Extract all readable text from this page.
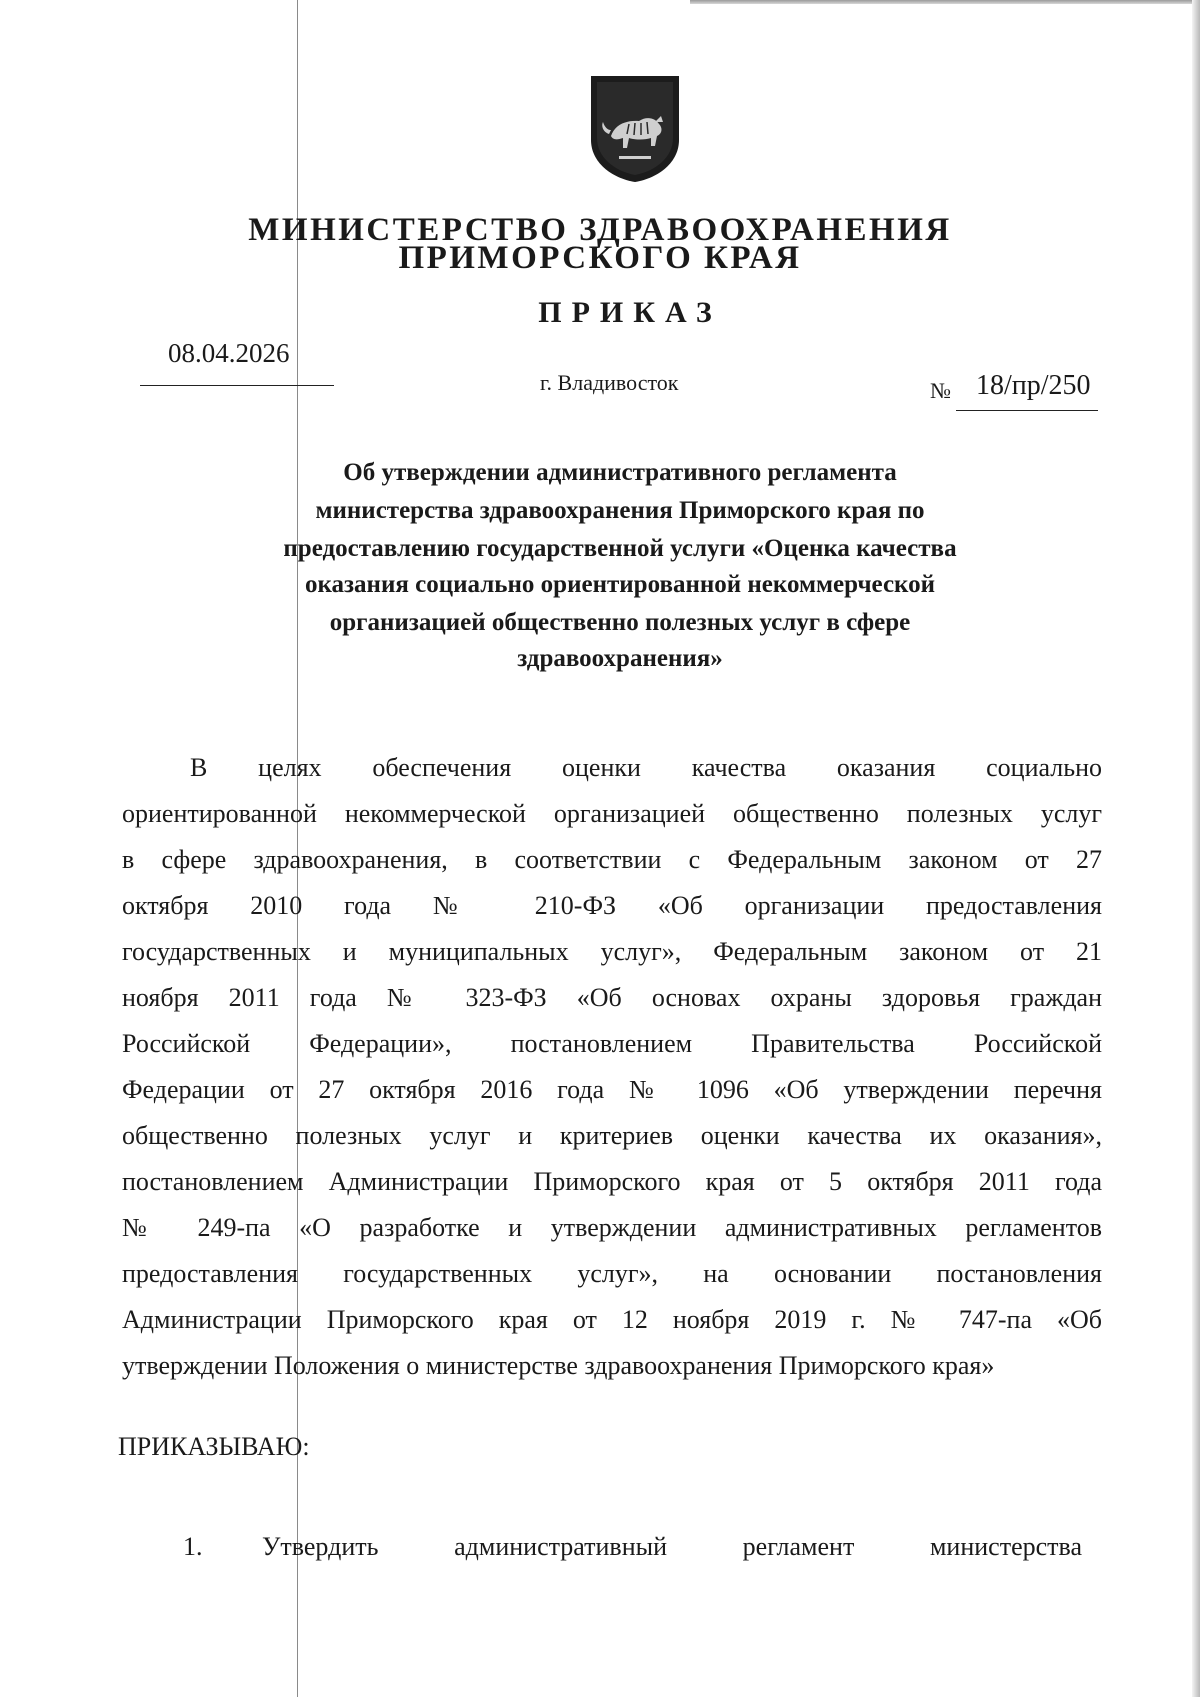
МИНИСТЕРСТВО ЗДРАВООХРАНЕНИЯ
ПРИМОРСКОГО КРАЯ
ПРИКАЗ
08.04.2026
г. Владивосток	№ 18/пр/250

Об утверждении административного регламента

министерства здравоохранения Приморского края по

предоставлению государственной услуги «Оценка качества

оказания социально ориентированной некоммерческой

организацией общественно полезных услуг в сфере

здравоохранения»

В целях обеспечения оценки качества оказания социально

ориентированной некоммерческой организацией общественно полезных услуг

в сфере здравоохранения, в соответствии с Федеральным законом от 27

октября 2010 года № 210-ФЗ «Об организации предоставления

государственных и муниципальных услуг», Федеральным законом от 21

ноября 2011 года № 323-ФЗ «Об основах охраны здоровья граждан

Российской Федерации», постановлением Правительства Российской

Федерации от 27 октября 2016 года № 1096 «Об утверждении перечня

общественно полезных услуг и критериев оценки качества их оказания»,

постановлением Администрации Приморского края от 5 октября 2011 года

№ 249-па «О разработке и утверждении административных регламентов

предоставления государственных услуг», на основании постановления

Администрации Приморского края от 12 ноября 2019 г. № 747-па «Об

утверждении Положения о министерстве здравоохранения Приморского края»

ПРИКАЗЫВАЮ:

1. Утвердить административный регламент министерства
